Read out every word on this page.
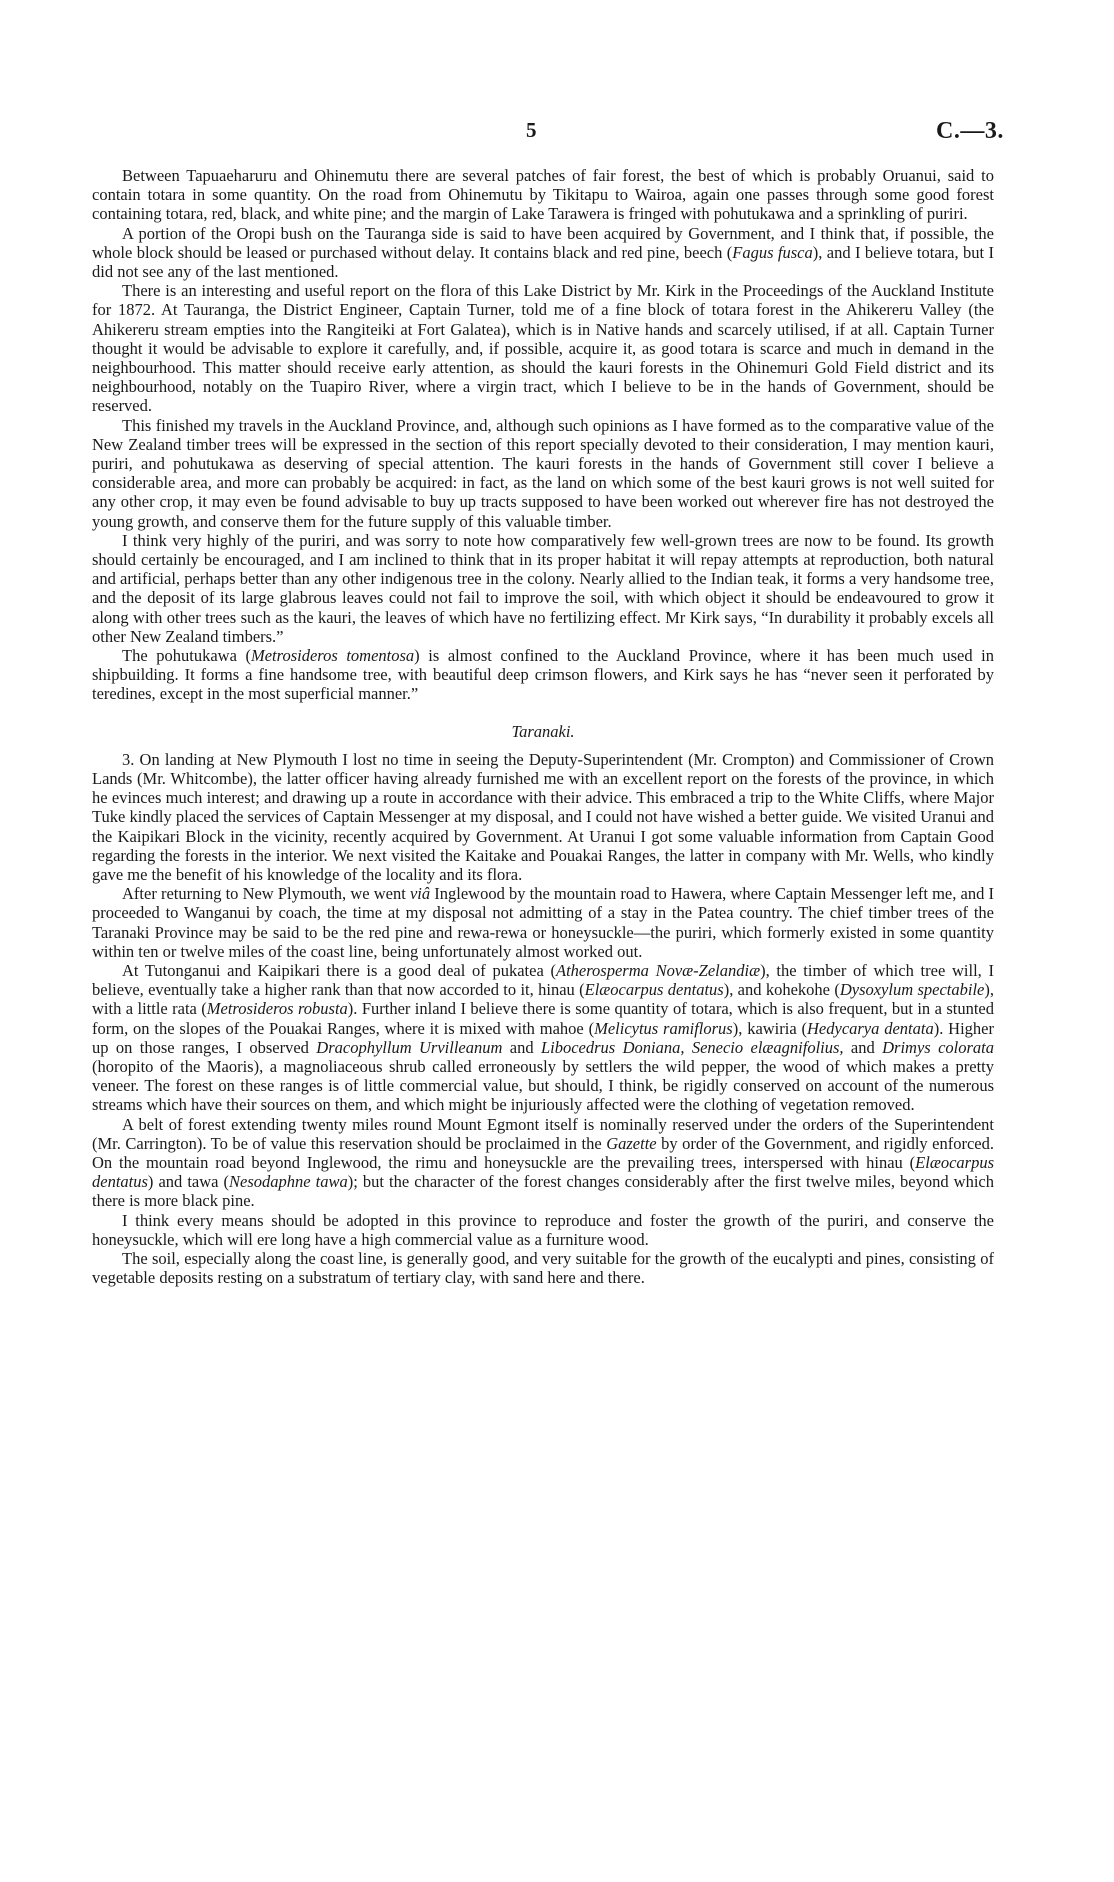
5	C.—3.

Between Tapuaeharuru and Ohinemutu there are several patches of fair forest, the best of which is probably Oruanui, said to contain totara in some quantity. On the road from Ohinemutu by Tikitapu to Wairoa, again one passes through some good forest containing totara, red, black, and white pine; and the margin of Lake Tarawera is fringed with pohutukawa and a sprinkling of puriri.

A portion of the Oropi bush on the Tauranga side is said to have been acquired by Government, and I think that, if possible, the whole block should be leased or purchased without delay. It contains black and red pine, beech (Fagus fusca), and I believe totara, but I did not see any of the last mentioned.

There is an interesting and useful report on the flora of this Lake District by Mr. Kirk in the Proceedings of the Auckland Institute for 1872. At Tauranga, the District Engineer, Captain Turner, told me of a fine block of totara forest in the Ahikereru Valley (the Ahikereru stream empties into the Rangiteiki at Fort Galatea), which is in Native hands and scarcely utilised, if at all. Captain Turner thought it would be advisable to explore it carefully, and, if possible, acquire it, as good totara is scarce and much in demand in the neighbourhood. This matter should receive early attention, as should the kauri forests in the Ohinemuri Gold Field district and its neighbourhood, notably on the Tuapiro River, where a virgin tract, which I believe to be in the hands of Government, should be reserved.

This finished my travels in the Auckland Province, and, although such opinions as I have formed as to the comparative value of the New Zealand timber trees will be expressed in the section of this report specially devoted to their consideration, I may mention kauri, puriri, and pohutukawa as deserving of special attention. The kauri forests in the hands of Government still cover I believe a considerable area, and more can probably be acquired: in fact, as the land on which some of the best kauri grows is not well suited for any other crop, it may even be found advisable to buy up tracts supposed to have been worked out wherever fire has not destroyed the young growth, and conserve them for the future supply of this valuable timber.

I think very highly of the puriri, and was sorry to note how comparatively few well-grown trees are now to be found. Its growth should certainly be encouraged, and I am inclined to think that in its proper habitat it will repay attempts at reproduction, both natural and artificial, perhaps better than any other indigenous tree in the colony. Nearly allied to the Indian teak, it forms a very handsome tree, and the deposit of its large glabrous leaves could not fail to improve the soil, with which object it should be endeavoured to grow it along with other trees such as the kauri, the leaves of which have no fertilizing effect. Mr Kirk says, “In durability it probably excels all other New Zealand timbers.”

The pohutukawa (Metrosideros tomentosa) is almost confined to the Auckland Province, where it has been much used in shipbuilding. It forms a fine handsome tree, with beautiful deep crimson flowers, and Kirk says he has “never seen it perforated by teredines, except in the most superficial manner.”

Taranaki.

3. On landing at New Plymouth I lost no time in seeing the Deputy-Superintendent (Mr. Crompton) and Commissioner of Crown Lands (Mr. Whitcombe), the latter officer having already furnished me with an excellent report on the forests of the province, in which he evinces much interest; and drawing up a route in accordance with their advice. This embraced a trip to the White Cliffs, where Major Tuke kindly placed the services of Captain Messenger at my disposal, and I could not have wished a better guide. We visited Uranui and the Kaipikari Block in the vicinity, recently acquired by Government. At Uranui I got some valuable information from Captain Good regarding the forests in the interior. We next visited the Kaitake and Pouakai Ranges, the latter in company with Mr. Wells, who kindly gave me the benefit of his knowledge of the locality and its flora.

After returning to New Plymouth, we went viâ Inglewood by the mountain road to Hawera, where Captain Messenger left me, and I proceeded to Wanganui by coach, the time at my disposal not admitting of a stay in the Patea country. The chief timber trees of the Taranaki Province may be said to be the red pine and rewa-rewa or honeysuckle—the puriri, which formerly existed in some quantity within ten or twelve miles of the coast line, being unfortunately almost worked out.

At Tutonganui and Kaipikari there is a good deal of pukatea (Atherosperma Novæ-Zelandiæ), the timber of which tree will, I believe, eventually take a higher rank than that now accorded to it, hinau (Elæocarpus dentatus), and kohekohe (Dysoxylum spectabile), with a little rata (Metrosideros robusta). Further inland I believe there is some quantity of totara, which is also frequent, but in a stunted form, on the slopes of the Pouakai Ranges, where it is mixed with mahoe (Melicytus ramiflorus), kawiria (Hedycarya dentata). Higher up on those ranges, I observed Dracophyllum Urvilleanum and Libocedrus Doniana, Senecio elæagnifolius, and Drimys colorata (horopito of the Maoris), a magnoliaceous shrub called erroneously by settlers the wild pepper, the wood of which makes a pretty veneer. The forest on these ranges is of little commercial value, but should, I think, be rigidly conserved on account of the numerous streams which have their sources on them, and which might be injuriously affected were the clothing of vegetation removed.

A belt of forest extending twenty miles round Mount Egmont itself is nominally reserved under the orders of the Superintendent (Mr. Carrington). To be of value this reservation should be proclaimed in the Gazette by order of the Government, and rigidly enforced. On the mountain road beyond Inglewood, the rimu and honeysuckle are the prevailing trees, interspersed with hinau (Elæocarpus dentatus) and tawa (Nesodaphne tawa); but the character of the forest changes considerably after the first twelve miles, beyond which there is more black pine.

I think every means should be adopted in this province to reproduce and foster the growth of the puriri, and conserve the honeysuckle, which will ere long have a high commercial value as a furniture wood.

The soil, especially along the coast line, is generally good, and very suitable for the growth of the eucalypti and pines, consisting of vegetable deposits resting on a substratum of tertiary clay, with sand here and there.
